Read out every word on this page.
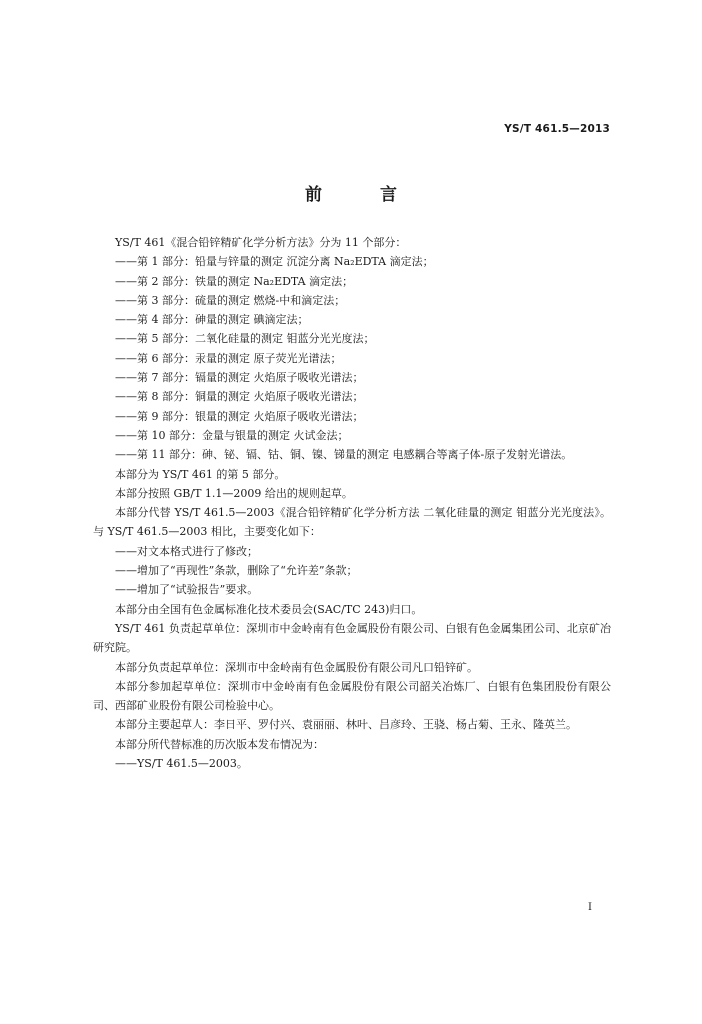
YS/T 461.5—2013
前 言
YS/T 461《混合铅锌精矿化学分析方法》分为 11 个部分：
——第 1 部分：铅量与锌量的测定 沉淀分离 Na₂EDTA 滴定法；
——第 2 部分：铁量的测定 Na₂EDTA 滴定法；
——第 3 部分：硫量的测定 燃烧-中和滴定法；
——第 4 部分：砷量的测定 碘滴定法；
——第 5 部分：二氧化硅量的测定 钼蓝分光光度法；
——第 6 部分：汞量的测定 原子荧光光谱法；
——第 7 部分：镉量的测定 火焰原子吸收光谱法；
——第 8 部分：铜量的测定 火焰原子吸收光谱法；
——第 9 部分：银量的测定 火焰原子吸收光谱法；
——第 10 部分：金量与银量的测定 火试金法；
——第 11 部分：砷、铋、镉、钴、铜、镍、锑量的测定 电感耦合等离子体-原子发射光谱法。
本部分为 YS/T 461 的第 5 部分。
本部分按照 GB/T 1.1—2009 给出的规则起草。
本部分代替 YS/T 461.5—2003《混合铅锌精矿化学分析方法 二氧化硅量的测定 钼蓝分光光度法》。与 YS/T 461.5—2003 相比，主要变化如下：
——对文本格式进行了修改；
——增加了“再现性”条款，删除了“允许差”条款；
——增加了“试验报告”要求。
本部分由全国有色金属标准化技术委员会(SAC/TC 243)归口。
YS/T 461 负责起草单位：深圳市中金岭南有色金属股份有限公司、白银有色金属集团公司、北京矿冶研究院。
本部分负责起草单位：深圳市中金岭南有色金属股份有限公司凡口铅锌矿。
本部分参加起草单位：深圳市中金岭南有色金属股份有限公司韶关冶炼厂、白银有色集团股份有限公司、西部矿业股份有限公司检验中心。
本部分主要起草人：李日平、罗付兴、袁丽丽、林叶、吕彦玲、王骁、杨占菊、王永、隆英兰。
本部分所代替标准的历次版本发布情况为：
——YS/T 461.5—2003。
I
